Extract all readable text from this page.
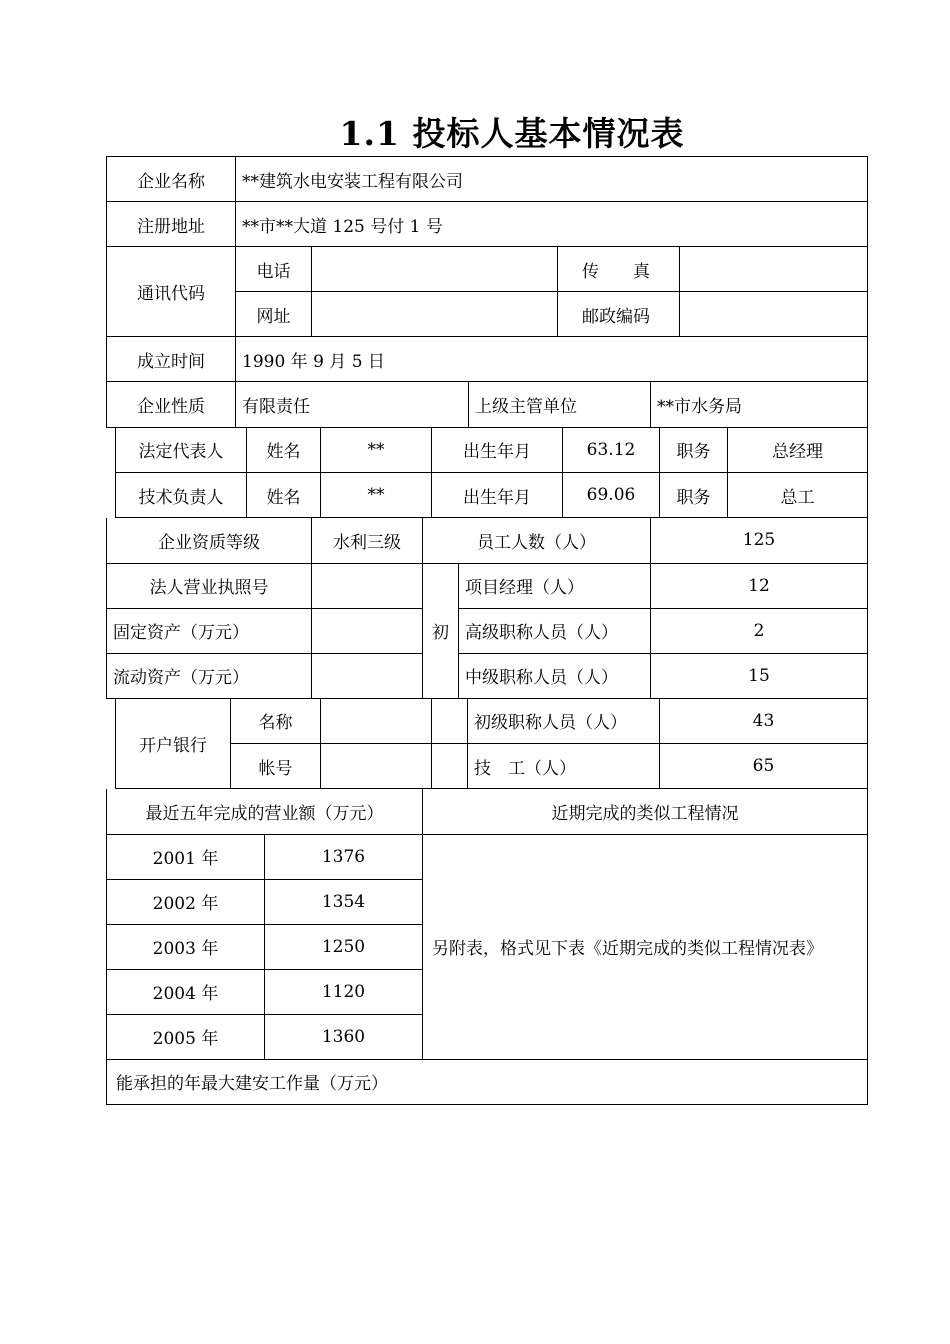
1.1 投标人基本情况表
企业名称	**建筑水电安装工程有限公司			
注册地址	**市**大道 125 号付 1 号			
通讯代码	电话		传　　真	
	网址		邮政编码	
成立时间	1990 年 9 月 5 日			
企业性质	有限责任	上级主管单位	**市水务局
法定代表人	姓名	**	出生年月	63.12	职务	总经理
技术负责人	姓名	**	出生年月	69.06	职务	总工
企业资质等级	水利三级	员工人数（人）		125
法人营业执照号		初	项目经理（人）	12
固定资产（万元）			高级职称人员（人）	2
流动资产（万元）			中级职称人员（人）	15
开户银行	名称			初级职称人员（人）	43
	帐号			技　工（人）	65
最近五年完成的营业额（万元）		近期完成的类似工程情况
2001 年	1376	另附表，格式见下表《近期完成的类似工程情况表》
2002 年	1354	
2003 年	1250	
2004 年	1120	
2005 年	1360	
能承担的年最大建安工作量（万元）		
